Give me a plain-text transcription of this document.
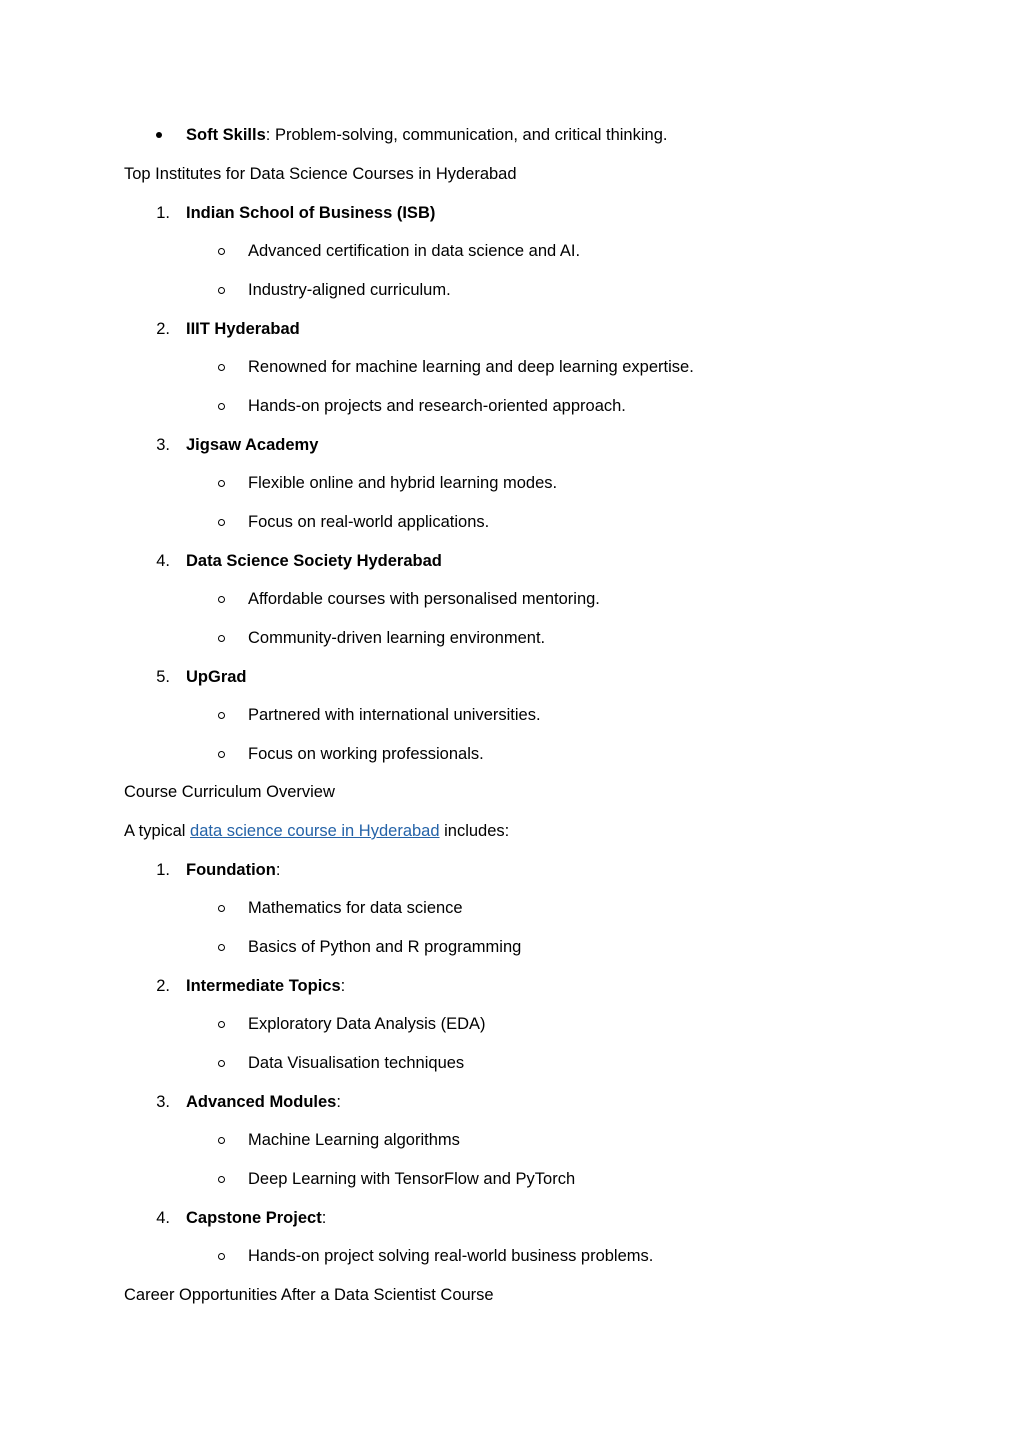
Soft Skills: Problem-solving, communication, and critical thinking.
Top Institutes for Data Science Courses in Hyderabad
1. Indian School of Business (ISB)
Advanced certification in data science and AI.
Industry-aligned curriculum.
2. IIIT Hyderabad
Renowned for machine learning and deep learning expertise.
Hands-on projects and research-oriented approach.
3. Jigsaw Academy
Flexible online and hybrid learning modes.
Focus on real-world applications.
4. Data Science Society Hyderabad
Affordable courses with personalised mentoring.
Community-driven learning environment.
5. UpGrad
Partnered with international universities.
Focus on working professionals.
Course Curriculum Overview
A typical data science course in Hyderabad includes:
1. Foundation:
Mathematics for data science
Basics of Python and R programming
2. Intermediate Topics:
Exploratory Data Analysis (EDA)
Data Visualisation techniques
3. Advanced Modules:
Machine Learning algorithms
Deep Learning with TensorFlow and PyTorch
4. Capstone Project:
Hands-on project solving real-world business problems.
Career Opportunities After a Data Scientist Course
